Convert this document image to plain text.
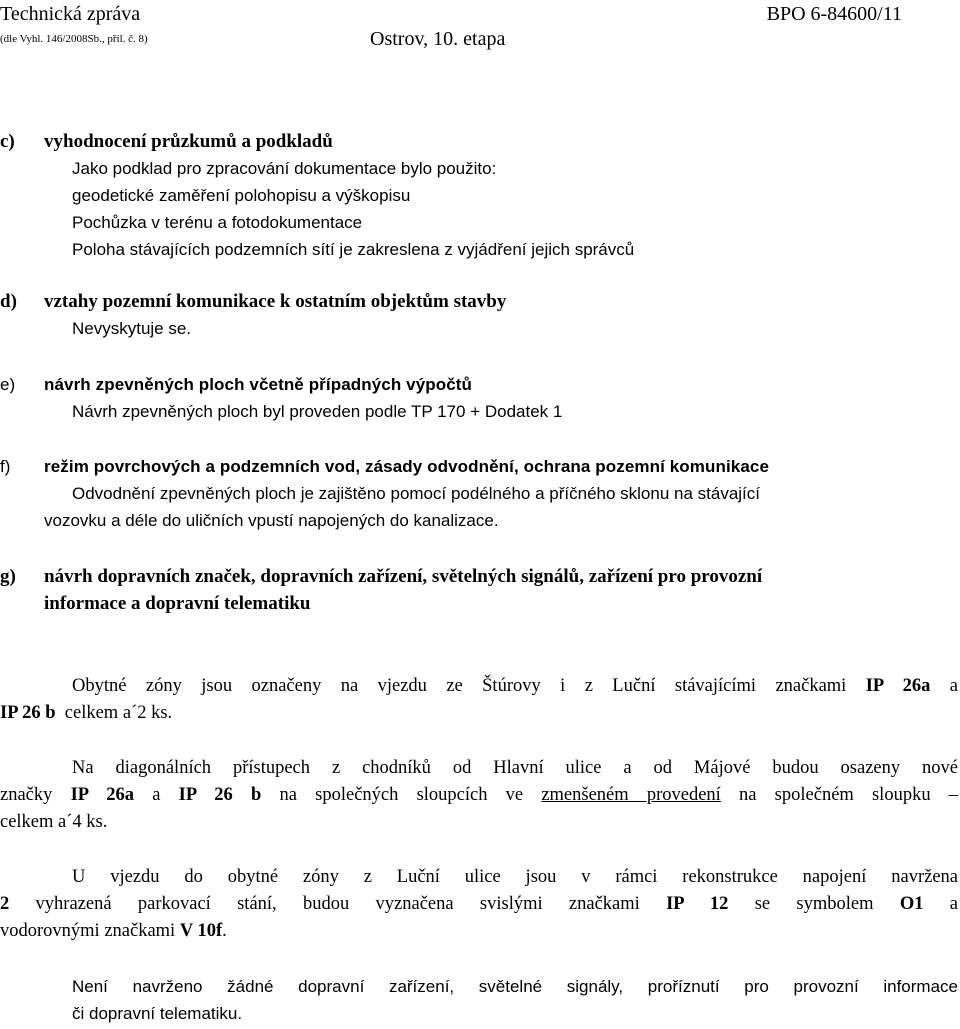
Technická zpráva
(dle Vyhl. 146/2008Sb., příl. č. 8)	Ostrov, 10. etapa
BPO 6-84600/11
c) vyhodnocení průzkumů a podkladů
Jako podklad pro zpracování dokumentace bylo použito:
geodetické zaměření polohopisu a výškopisu
Pochůzka v terénu a fotodokumentace
Poloha stávajících podzemních sítí je zakreslena z vyjádření jejich správců
d) vztahy pozemní komunikace k ostatním objektům stavby
Nevyskytuje se.
e) návrh zpevněných ploch včetně případných výpočtů
Návrh zpevněných ploch byl proveden podle TP 170 + Dodatek 1
f) režim povrchových a podzemních vod, zásady odvodnění, ochrana pozemní komunikace
Odvodnění zpevněných ploch je zajištěno pomocí podélného a příčného sklonu na stávající
vozovku a déle do uličních vpustí napojených do kanalizace.
g) návrh dopravních značek, dopravních zařízení, světelných signálů, zařízení pro provozní
informace a dopravní telematiku
Obytné zóny jsou označeny na vjezdu ze Štúrovy i z Luční stávajícími značkami IP 26a a
IP 26 b  celkem a´2 ks.
Na diagonálních přístupech z chodníků od Hlavní ulice a od Májové budou osazeny nové
značky IP 26a a IP 26 b na společných sloupcích ve zmenšeném provedení na společném sloupku –
celkem a´4 ks.
U vjezdu do obytné zóny z Luční ulice jsou v rámci rekonstrukce napojení navržena
2 vyhrazená parkovací stání, budou vyznačena svislými značkami IP 12 se symbolem O1 a
vodorovnými značkami V 10f.
Není navrženo žádné dopravní zařízení, světelné signály, proříznutí pro provozní informace
či dopravní telematiku.
